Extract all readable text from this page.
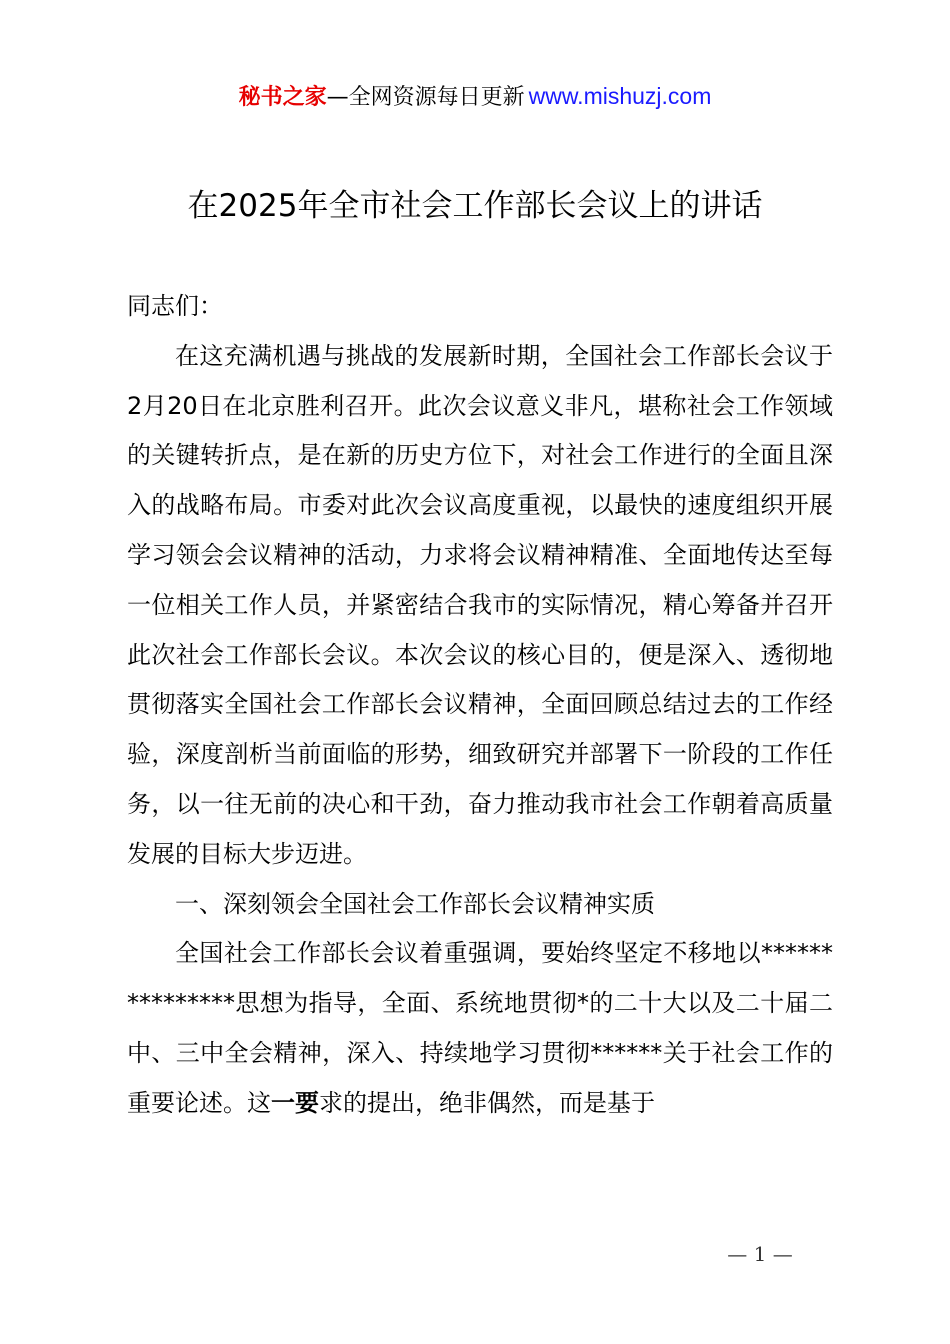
秘书之家—全网资源每日更新 www.mishuzj.com
在2025年全市社会工作部长会议上的讲话

同志们：

在这充满机遇与挑战的发展新时期，全国社会工作部长会议于2月20日在北京胜利召开。此次会议意义非凡，堪称社会工作领域的关键转折点，是在新的历史方位下，对社会工作进行的全面且深入的战略布局。市委对此次会议高度重视，以最快的速度组织开展学习领会会议精神的活动，力求将会议精神精准、全面地传达至每一位相关工作人员，并紧密结合我市的实际情况，精心筹备并召开此次社会工作部长会议。本次会议的核心目的，便是深入、透彻地贯彻落实全国社会工作部长会议精神，全面回顾总结过去的工作经验，深度剖析当前面临的形势，细致研究并部署下一阶段的工作任务，以一往无前的决心和干劲，奋力推动我市社会工作朝着高质量发展的目标大步迈进。

一、深刻领会全国社会工作部长会议精神实质

全国社会工作部长会议着重强调，要始终坚定不移地以***************思想为指导，全面、系统地贯彻*的二十大以及二十届二中、三中全会精神，深入、持续地学习贯彻******关于社会工作的重要论述。这一要求的提出，绝非偶然，而是基于

— 1 —
